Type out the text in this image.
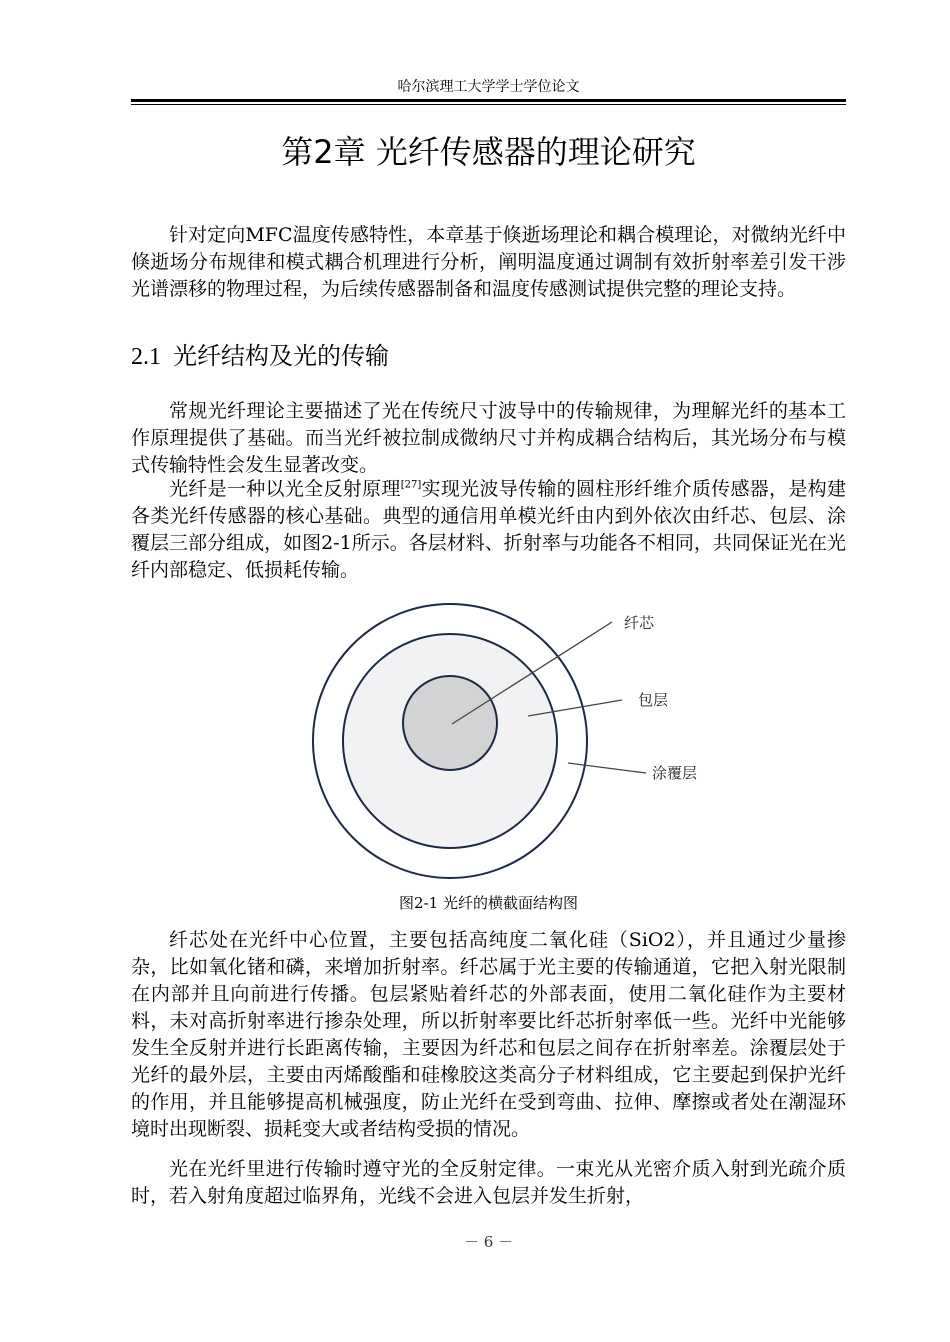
哈尔滨理工大学学士学位论文
第2章 光纤传感器的理论研究

针对定向MFC温度传感特性，本章基于倏逝场理论和耦合模理论，对微纳光纤中倏逝场分布规律和模式耦合机理进行分析，阐明温度通过调制有效折射率差引发干涉光谱漂移的物理过程，为后续传感器制备和温度传感测试提供完整的理论支持。

2.1 光纤结构及光的传输

常规光纤理论主要描述了光在传统尺寸波导中的传输规律，为理解光纤的基本工作原理提供了基础。而当光纤被拉制成微纳尺寸并构成耦合结构后，其光场分布与模式传输特性会发生显著改变。

光纤是一种以光全反射原理[27]实现光波导传输的圆柱形纤维介质传感器，是构建各类光纤传感器的核心基础。典型的通信用单模光纤由内到外依次由纤芯、包层、涂覆层三部分组成，如图2-1所示。各层材料、折射率与功能各不相同，共同保证光在光纤内部稳定、低损耗传输。

纤芯
包层
涂覆层
图2-1 光纤的横截面结构图

纤芯处在光纤中心位置，主要包括高纯度二氧化硅（SiO2），并且通过少量掺杂，比如氧化锗和磷，来增加折射率。纤芯属于光主要的传输通道，它把入射光限制在内部并且向前进行传播。包层紧贴着纤芯的外部表面，使用二氧化硅作为主要材料，未对高折射率进行掺杂处理，所以折射率要比纤芯折射率低一些。光纤中光能够发生全反射并进行长距离传输，主要因为纤芯和包层之间存在折射率差。涂覆层处于光纤的最外层，主要由丙烯酸酯和硅橡胶这类高分子材料组成，它主要起到保护光纤的作用，并且能够提高机械强度，防止光纤在受到弯曲、拉伸、摩擦或者处在潮湿环境时出现断裂、损耗变大或者结构受损的情况。

光在光纤里进行传输时遵守光的全反射定律。一束光从光密介质入射到光疏介质时，若入射角度超过临界角，光线不会进入包层并发生折射，

－ 6 －
